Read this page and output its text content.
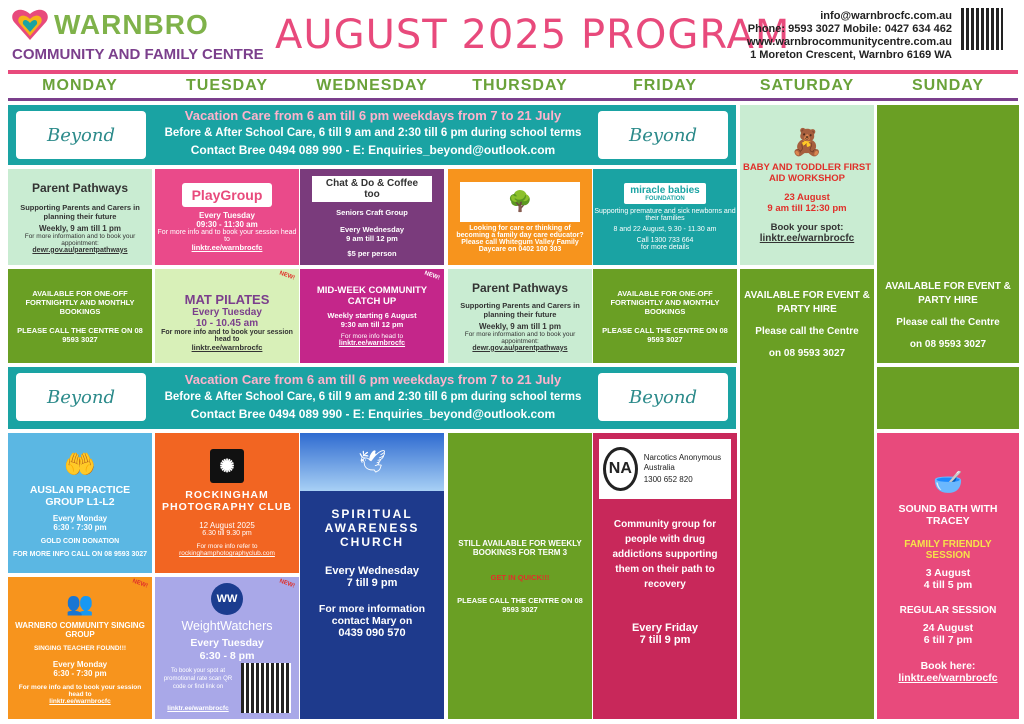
WARNBRO
COMMUNITY AND FAMILY CENTRE AUGUST 2025 PROGRAM	info@warnbrocfc.com.au
Phone: 9593 3027 Mobile: 0427 634 462
www.warnbrocommunitycentre.com.au
1 Moreton Crescent, Warnbro 6169 WA
MONDAY	TUESDAY	WEDNESDAY	THURSDAY	FRIDAY	SATURDAY	SUNDAY
Beyond	Beyond
Vacation Care from 6 am till 6 pm weekdays from 7 to 21 July
Before & After School Care, 6 till 9 am and 2:30 till 6 pm during school terms
Contact Bree 0494 089 990 - E: Enquiries_beyond@outlook.com
Parent Pathways
Supporting Parents and Carers in planning their future
Weekly, 9 am till 1 pm
For more information and to book your appointment:
dewr.gov.au/parentpathways
PlayGroup
Every Tuesday
09:30 - 11:30 am
For more info and to book your session head to
linktr.ee/warnbrocfc
Chat & Do & Coffee too
Seniors Craft Group
Every Wednesday
9 am till 12 pm
$5 per person
🌳
Looking for care or thinking of becoming a family day care educator? Please call Whitegum Valley Family Daycare on 0402 100 303
miracle babies
FOUNDATION
Supporting premature and sick newborns and their families
8 and 22 August, 9.30 - 11.30 am
Call 1300 733 664
for more details
🧸
BABY AND TODDLER FIRST AID WORKSHOP
23 August
9 am till 12:30 pm
Book your spot:
linktr.ee/warnbrocfc
AVAILABLE FOR ONE-OFF FORTNIGHTLY AND MONTHLY BOOKINGS
PLEASE CALL THE CENTRE ON 08 9593 3027
NEW!
MAT PILATES
Every Tuesday
10 - 10.45 am
For more info and to book your session head to
linktr.ee/warnbrocfc
NEW!
MID-WEEK COMMUNITY CATCH UP
Weekly starting 6 August
9:30 am till 12 pm
For more info head to
linktr.ee/warnbrocfc
Parent Pathways
Supporting Parents and Carers in planning their future
Weekly, 9 am till 1 pm
For more information and to book your appointment:
dewr.gov.au/parentpathways
AVAILABLE FOR ONE-OFF FORTNIGHTLY AND MONTHLY BOOKINGS
PLEASE CALL THE CENTRE ON 08 9593 3027
AVAILABLE FOR EVENT & PARTY HIRE
Please call the Centre
on 08 9593 3027
AVAILABLE FOR EVENT & PARTY HIRE
Please call the Centre
on 08 9593 3027
Beyond	Beyond
Vacation Care from 6 am till 6 pm weekdays from 7 to 21 July
Before & After School Care, 6 till 9 am and 2:30 till 6 pm during school terms
Contact Bree 0494 089 990 - E: Enquiries_beyond@outlook.com
🤲
AUSLAN PRACTICE GROUP L1-L2
Every Monday
6:30 - 7:30 pm
GOLD COIN DONATION
FOR MORE INFO CALL ON 08 9593 3027
✺
ROCKINGHAM PHOTOGRAPHY CLUB
12 August 2025
6.30 till 9.30 pm
For more info refer to
rockinghamphotographyclub.com
🕊
SPIRITUAL AWARENESS CHURCH
Every Wednesday
7 till 9 pm
For more information contact Mary on
0439 090 570
STILL AVAILABLE FOR WEEKLY BOOKINGS FOR TERM 3
GET IN QUICK!!!
PLEASE CALL THE CENTRE ON 08 9593 3027
NA
Narcotics Anonymous Australia
1300 652 820
Community group for people with drug addictions supporting them on their path to recovery
Every Friday
7 till 9 pm
🥣
SOUND BATH WITH TRACEY
FAMILY FRIENDLY SESSION
3 August
4 till 5 pm
REGULAR SESSION
24 August
6 till 7 pm
Book here:
linktr.ee/warnbrocfc
NEW!
👥
WARNBRO COMMUNITY SINGING GROUP
SINGING TEACHER FOUND!!!
Every Monday
6:30 - 7:30 pm
For more info and to book your session head to
linktr.ee/warnbrocfc
NEW!
WW
WeightWatchers
Every Tuesday
6:30 - 8 pm
To book your spot at promotional rate scan QR code or find link on
linktr.ee/warnbrocfc
